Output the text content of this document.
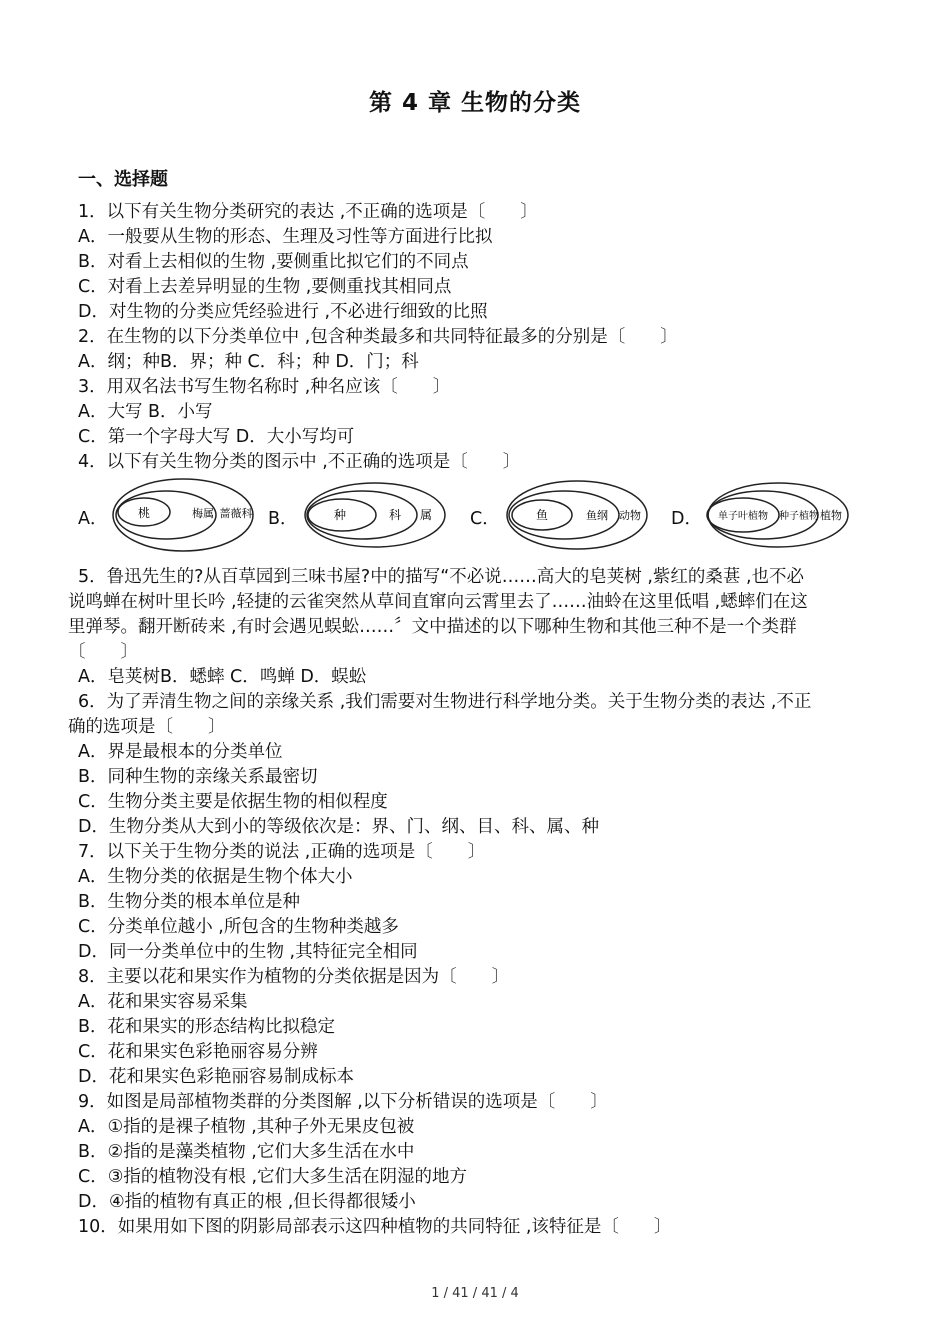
第 4 章 生物的分类
一、选择题
1．以下有关生物分类研究的表达 ,不正确的选项是〔　　〕
A．一般要从生物的形态、生理及习性等方面进行比拟
B．对看上去相似的生物 ,要侧重比拟它们的不同点
C．对看上去差异明显的生物 ,要侧重找其相同点
D．对生物的分类应凭经验进行 ,不必进行细致的比照
2．在生物的以下分类单位中 ,包含种类最多和共同特征最多的分别是〔　　〕
A．纲；种B．界；种 C．科；种 D．门；科
3．用双名法书写生物名称时 ,种名应该〔　　〕
A．大写 B．小写
C．第一个字母大写 D．大小写均可
4．以下有关生物分类的图示中 ,不正确的选项是〔　　〕
A．	桃	梅属 蔷薇科 B．	种	科 属 C．	鱼	鱼纲 动物 D． 单子叶植物 种子植物 植物
5．鲁迅先生的?从百草园到三味书屋?中的描写“不必说……高大的皂荚树 ,紫红的桑葚 ,也不必
说鸣蝉在树叶里长吟 ,轻捷的云雀突然从草间直窜向云霄里去了……油蛉在这里低唱 ,蟋蟀们在这
里弹琴。翻开断砖来 ,有时会遇见蜈蚣……〞文中描述的以下哪种生物和其他三种不是一个类群
〔　　〕
A．皂荚树B．蟋蟀 C．鸣蝉 D．蜈蚣
6．为了弄清生物之间的亲缘关系 ,我们需要对生物进行科学地分类。关于生物分类的表达 ,不正
确的选项是〔　　〕
A．界是最根本的分类单位
B．同种生物的亲缘关系最密切
C．生物分类主要是依据生物的相似程度
D．生物分类从大到小的等级依次是：界、门、纲、目、科、属、种
7．以下关于生物分类的说法 ,正确的选项是〔　　〕
A．生物分类的依据是生物个体大小
B．生物分类的根本单位是种
C．分类单位越小 ,所包含的生物种类越多
D．同一分类单位中的生物 ,其特征完全相同
8．主要以花和果实作为植物的分类依据是因为〔　　〕
A．花和果实容易采集
B．花和果实的形态结构比拟稳定
C．花和果实色彩艳丽容易分辨
D．花和果实色彩艳丽容易制成标本
9．如图是局部植物类群的分类图解 ,以下分析错误的选项是〔　　〕
A．①指的是裸子植物 ,其种子外无果皮包被
B．②指的是藻类植物 ,它们大多生活在水中
C．③指的植物没有根 ,它们大多生活在阴湿的地方
D．④指的植物有真正的根 ,但长得都很矮小
10．如果用如下图的阴影局部表示这四种植物的共同特征 ,该特征是〔　　〕
1 / 41 / 41 / 4
